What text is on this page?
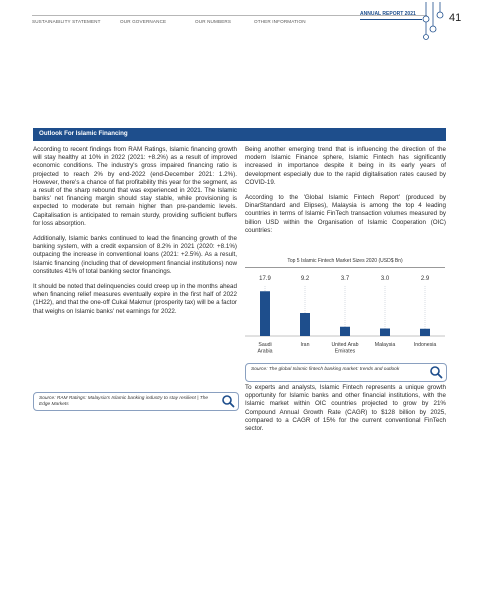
SUSTAINABILITY STATEMENT	OUR GOVERNANCE	OUR NUMBERS	OTHER INFORMATION
ANNUAL REPORT 2021	41
Outlook For Islamic Financing

According to recent findings from RAM Ratings, Islamic financing growth will stay healthy at 10% in 2022 (2021: +8.2%) as a result of improved economic conditions. The industry's gross impaired financing ratio is projected to reach 2% by end-2022 (end-December 2021: 1.2%). However, there's a chance of flat profitability this year for the segment, as a result of the sharp rebound that was experienced in 2021. The Islamic banks' net financing margin should stay stable, while provisioning is expected to moderate but remain higher than pre-pandemic levels. Capitalisation is anticipated to remain sturdy, providing sufficient buffers for loss absorption.

Additionally, Islamic banks continued to lead the financing growth of the banking system, with a credit expansion of 8.2% in 2021 (2020: +8.1%) outpacing the increase in conventional loans (2021: +2.5%). As a result, Islamic financing (including that of development financial institutions) now constitutes 41% of total banking sector financings.

It should be noted that delinquencies could creep up in the months ahead when financing relief measures eventually expire in the first half of 2022 (1H22), and that the one-off Cukai Makmur (prosperity tax) will be a factor that weighs on Islamic banks' net earnings for 2022.

Source: RAM Ratings: Malaysia's Islamic banking industry to stay resilient | The Edge Markets

Being another emerging trend that is influencing the direction of the modern Islamic Finance sphere, Islamic Fintech has significantly increased in importance despite it being in its early years of development especially due to the rapid digitalisation rates caused by COVID-19.

According to the 'Global Islamic Fintech Report' (produced by DinarStandard and Elipses), Malaysia is among the top 4 leading countries in terms of Islamic FinTech transaction volumes measured by billion USD within the Organisation of Islamic Cooperation (OIC) countries:

Top 5 Islamic Fintech Market Sizes 2020 (USD$ Bn)
17.9
Saudi Arabia
9.2
Iran
3.7
United Arab Emirates
3.0
Malaysia
2.9
Indonesia
Source: The global Islamic fintech banking market: trends and outlook

To experts and analysts, Islamic Fintech represents a unique growth opportunity for Islamic banks and other financial institutions, with the Islamic market within OIC countries projected to grow by 21% Compound Annual Growth Rate (CAGR) to $128 billion by 2025, compared to a CAGR of 15% for the current conventional FinTech sector.
